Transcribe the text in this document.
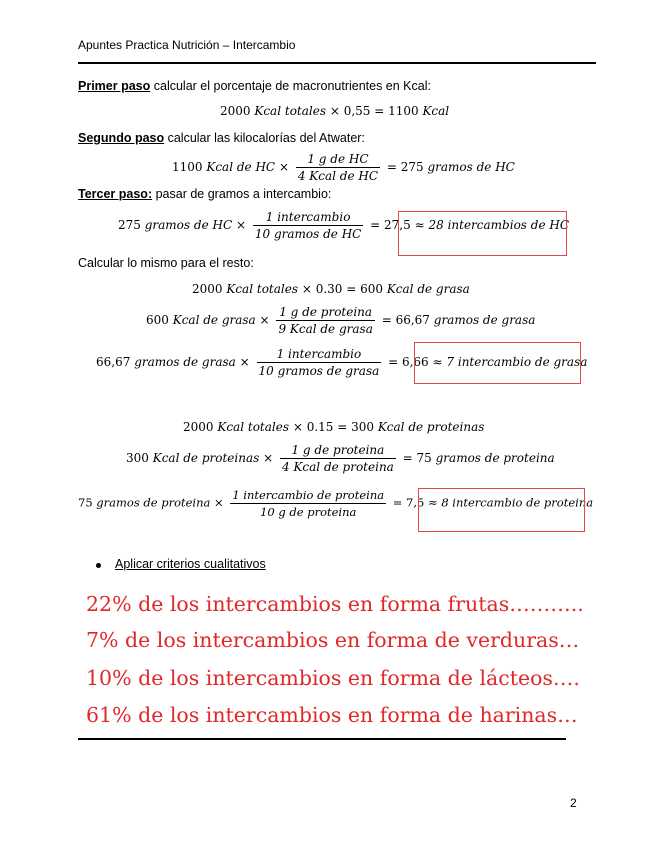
Apuntes Practica Nutrición – Intercambio
Primer paso calcular el porcentaje de macronutrientes en Kcal:
2000 Kcal totales × 0,55 = 1100 Kcal
Segundo paso calcular las kilocalorías del Atwater:
1100 Kcal de HC × $\frac{\text{1 g de HC}}{\text{4 Kcal de HC}} = 275$ gramos de HC
Tercer paso: pasar de gramos a intercambio:
275 gramos de HC × $\frac{\text{1 intercambio}}{\text{10 gramos de HC}} = 27,5 \approx 28$ intercambios de HC
Calcular lo mismo para el resto:
2000 Kcal totales × 0.30 = 600 Kcal de grasa
600 Kcal de grasa × $\frac{\text{1 g de proteina}}{\text{9 Kcal de grasa}} = 66,67$ gramos de grasa
66,67 gramos de grasa × $\frac{\text{1 intercambio}}{\text{10 gramos de grasa}} = 6,66 \approx 7$ intercambio de grasa
2000 Kcal totales × 0.15 = 300 Kcal de proteinas
300 Kcal de proteinas × $\frac{\text{1 g de proteina}}{\text{4 Kcal de proteina}} = 75$ gramos de proteina
75 gramos de proteina × $\frac{\text{1 intercambio de proteina}}{\text{10 g de proteina}} = 7,5 \approx 8$ intercambio de proteina
Aplicar criterios cualitativos
22% de los intercambios en forma frutas………..
7% de los intercambios en forma de verduras…
10% de los intercambios en forma de lácteos….
61% de los intercambios en forma de harinas…
2
